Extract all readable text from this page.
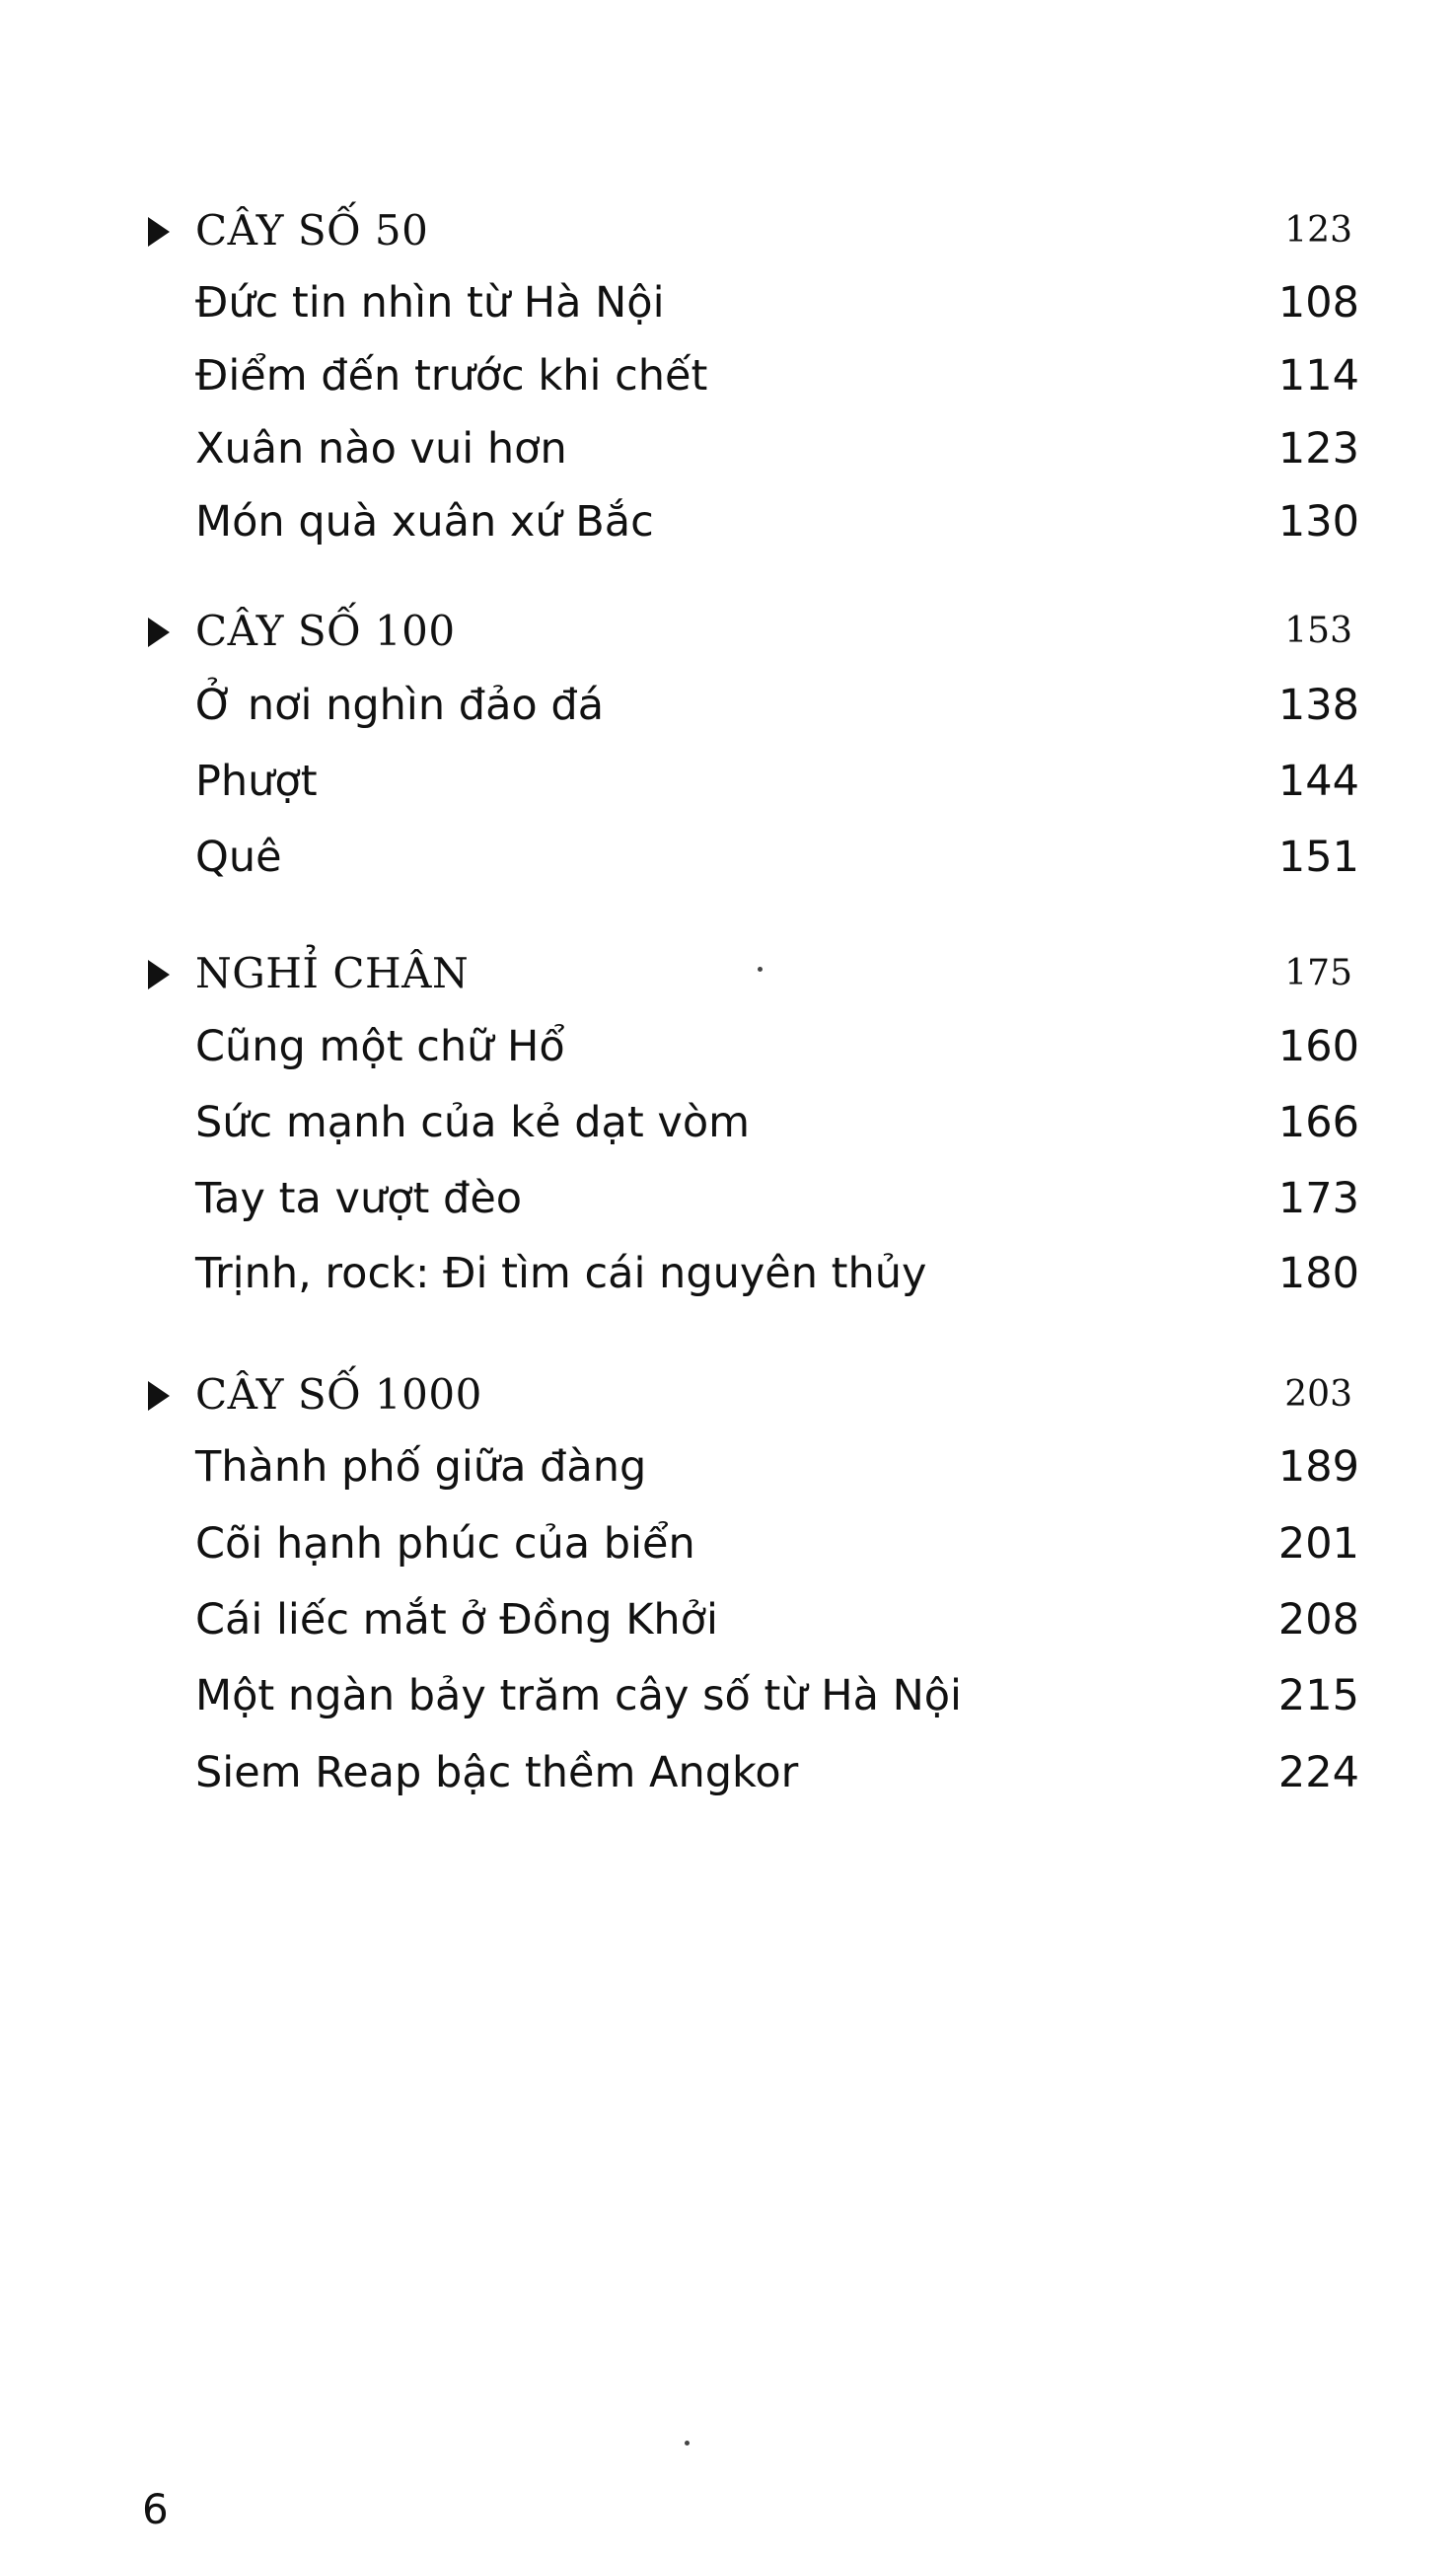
CÂY SỐ 50	123
Đức tin nhìn từ Hà Nội	108
Điểm đến trước khi chết	114
Xuân nào vui hơn	123
Món quà xuân xứ Bắc	130
CÂY SỐ 100	153
Ở nơi nghìn đảo đá	138
Phượt	144
Quê	151
NGHỈ CHÂN	175
Cũng một chữ Hổ	160
Sức mạnh của kẻ dạt vòm	166
Tay ta vượt đèo	173
Trịnh, rock: Đi tìm cái nguyên thủy	180
CÂY SỐ 1000	203
Thành phố giữa đàng	189
Cõi hạnh phúc của biển	201
Cái liếc mắt ở Đồng Khởi	208
Một ngàn bảy trăm cây số từ Hà Nội	215
Siem Reap bậc thềm Angkor	224
6
